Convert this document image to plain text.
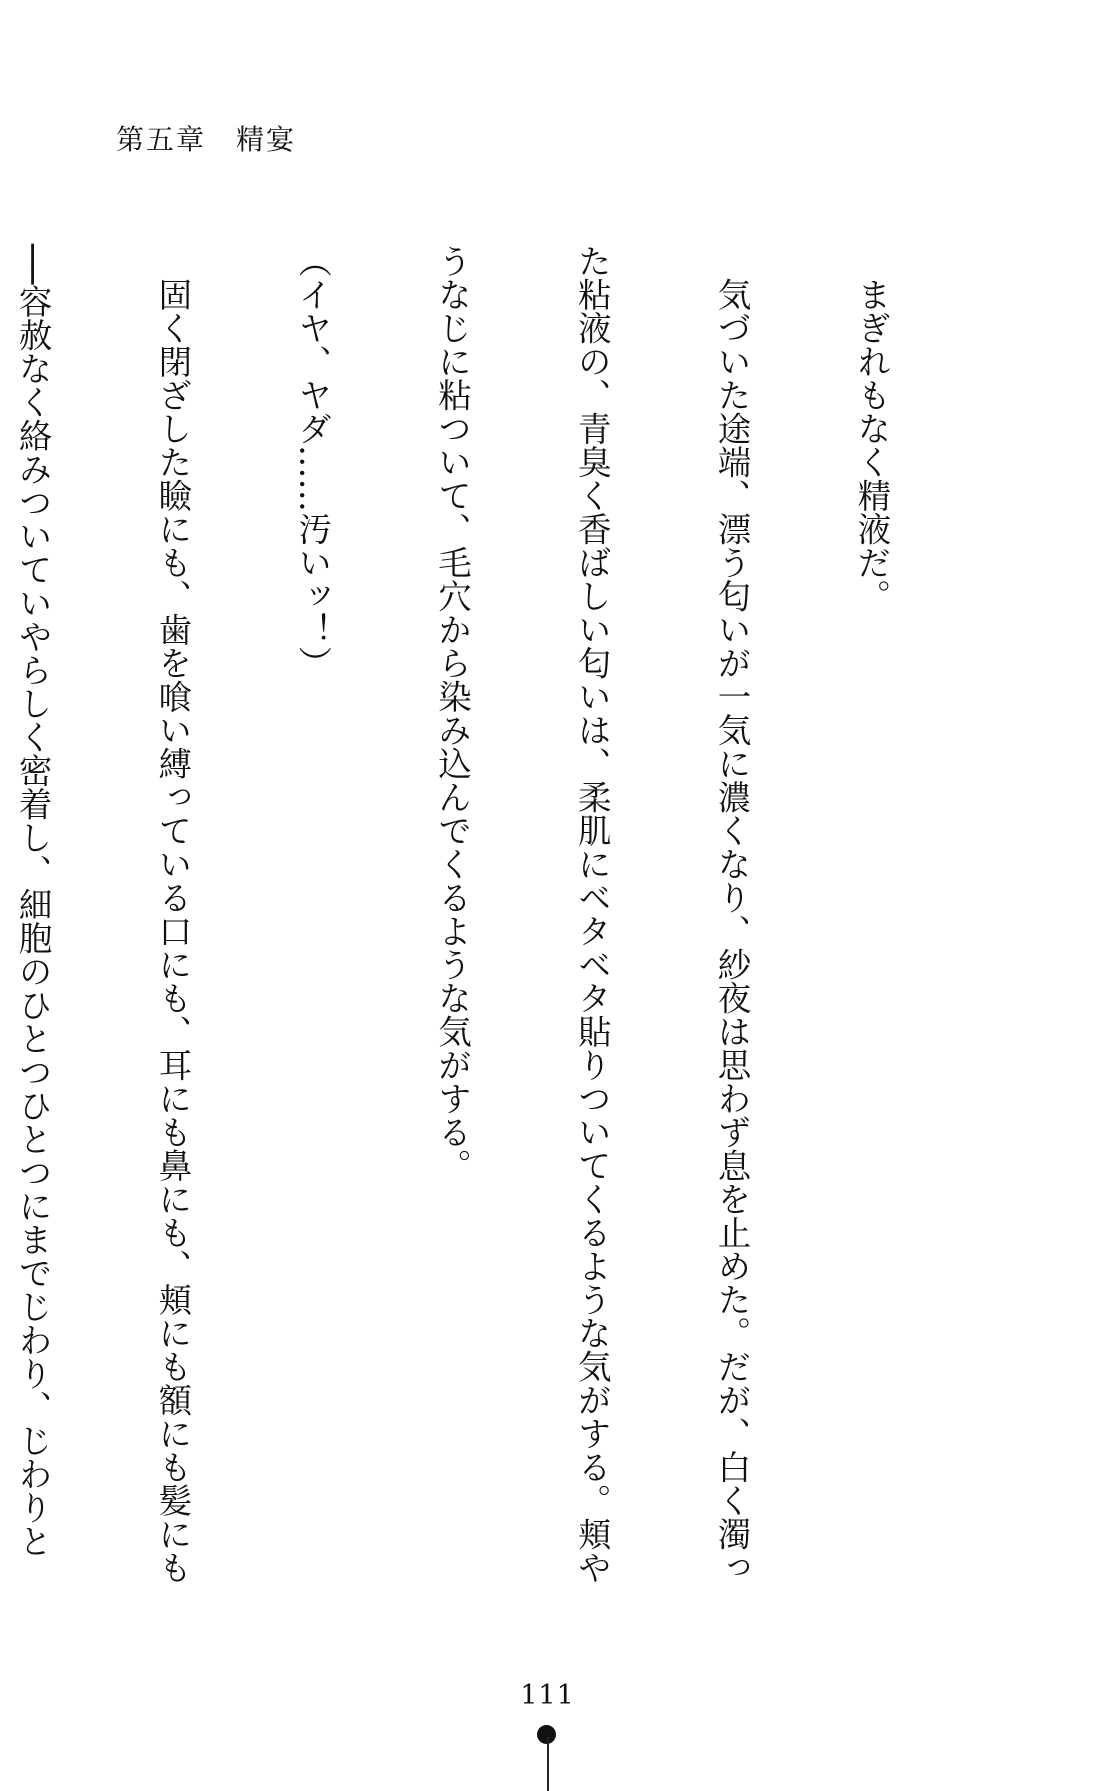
第五章　精宴

　まぎれもなく精液だ。

　気づいた途端、漂う匂いが一気に濃くなり、紗夜は思わず息を止めた。だが、白く濁っ

た粘液の、青臭く香ばしい匂いは、柔肌にベタベタ貼りついてくるような気がする。頬や

うなじに粘ついて、毛穴から染み込んでくるような気がする。

（イヤ、ヤダ……汚いッ！）

　固く閉ざした瞼にも、歯を喰い縛っている口にも、耳にも鼻にも、頬にも額にも髪にも

──容赦なく絡みついていやらしく密着し、細胞のひとつひとつにまでじわり、じわりと

111
